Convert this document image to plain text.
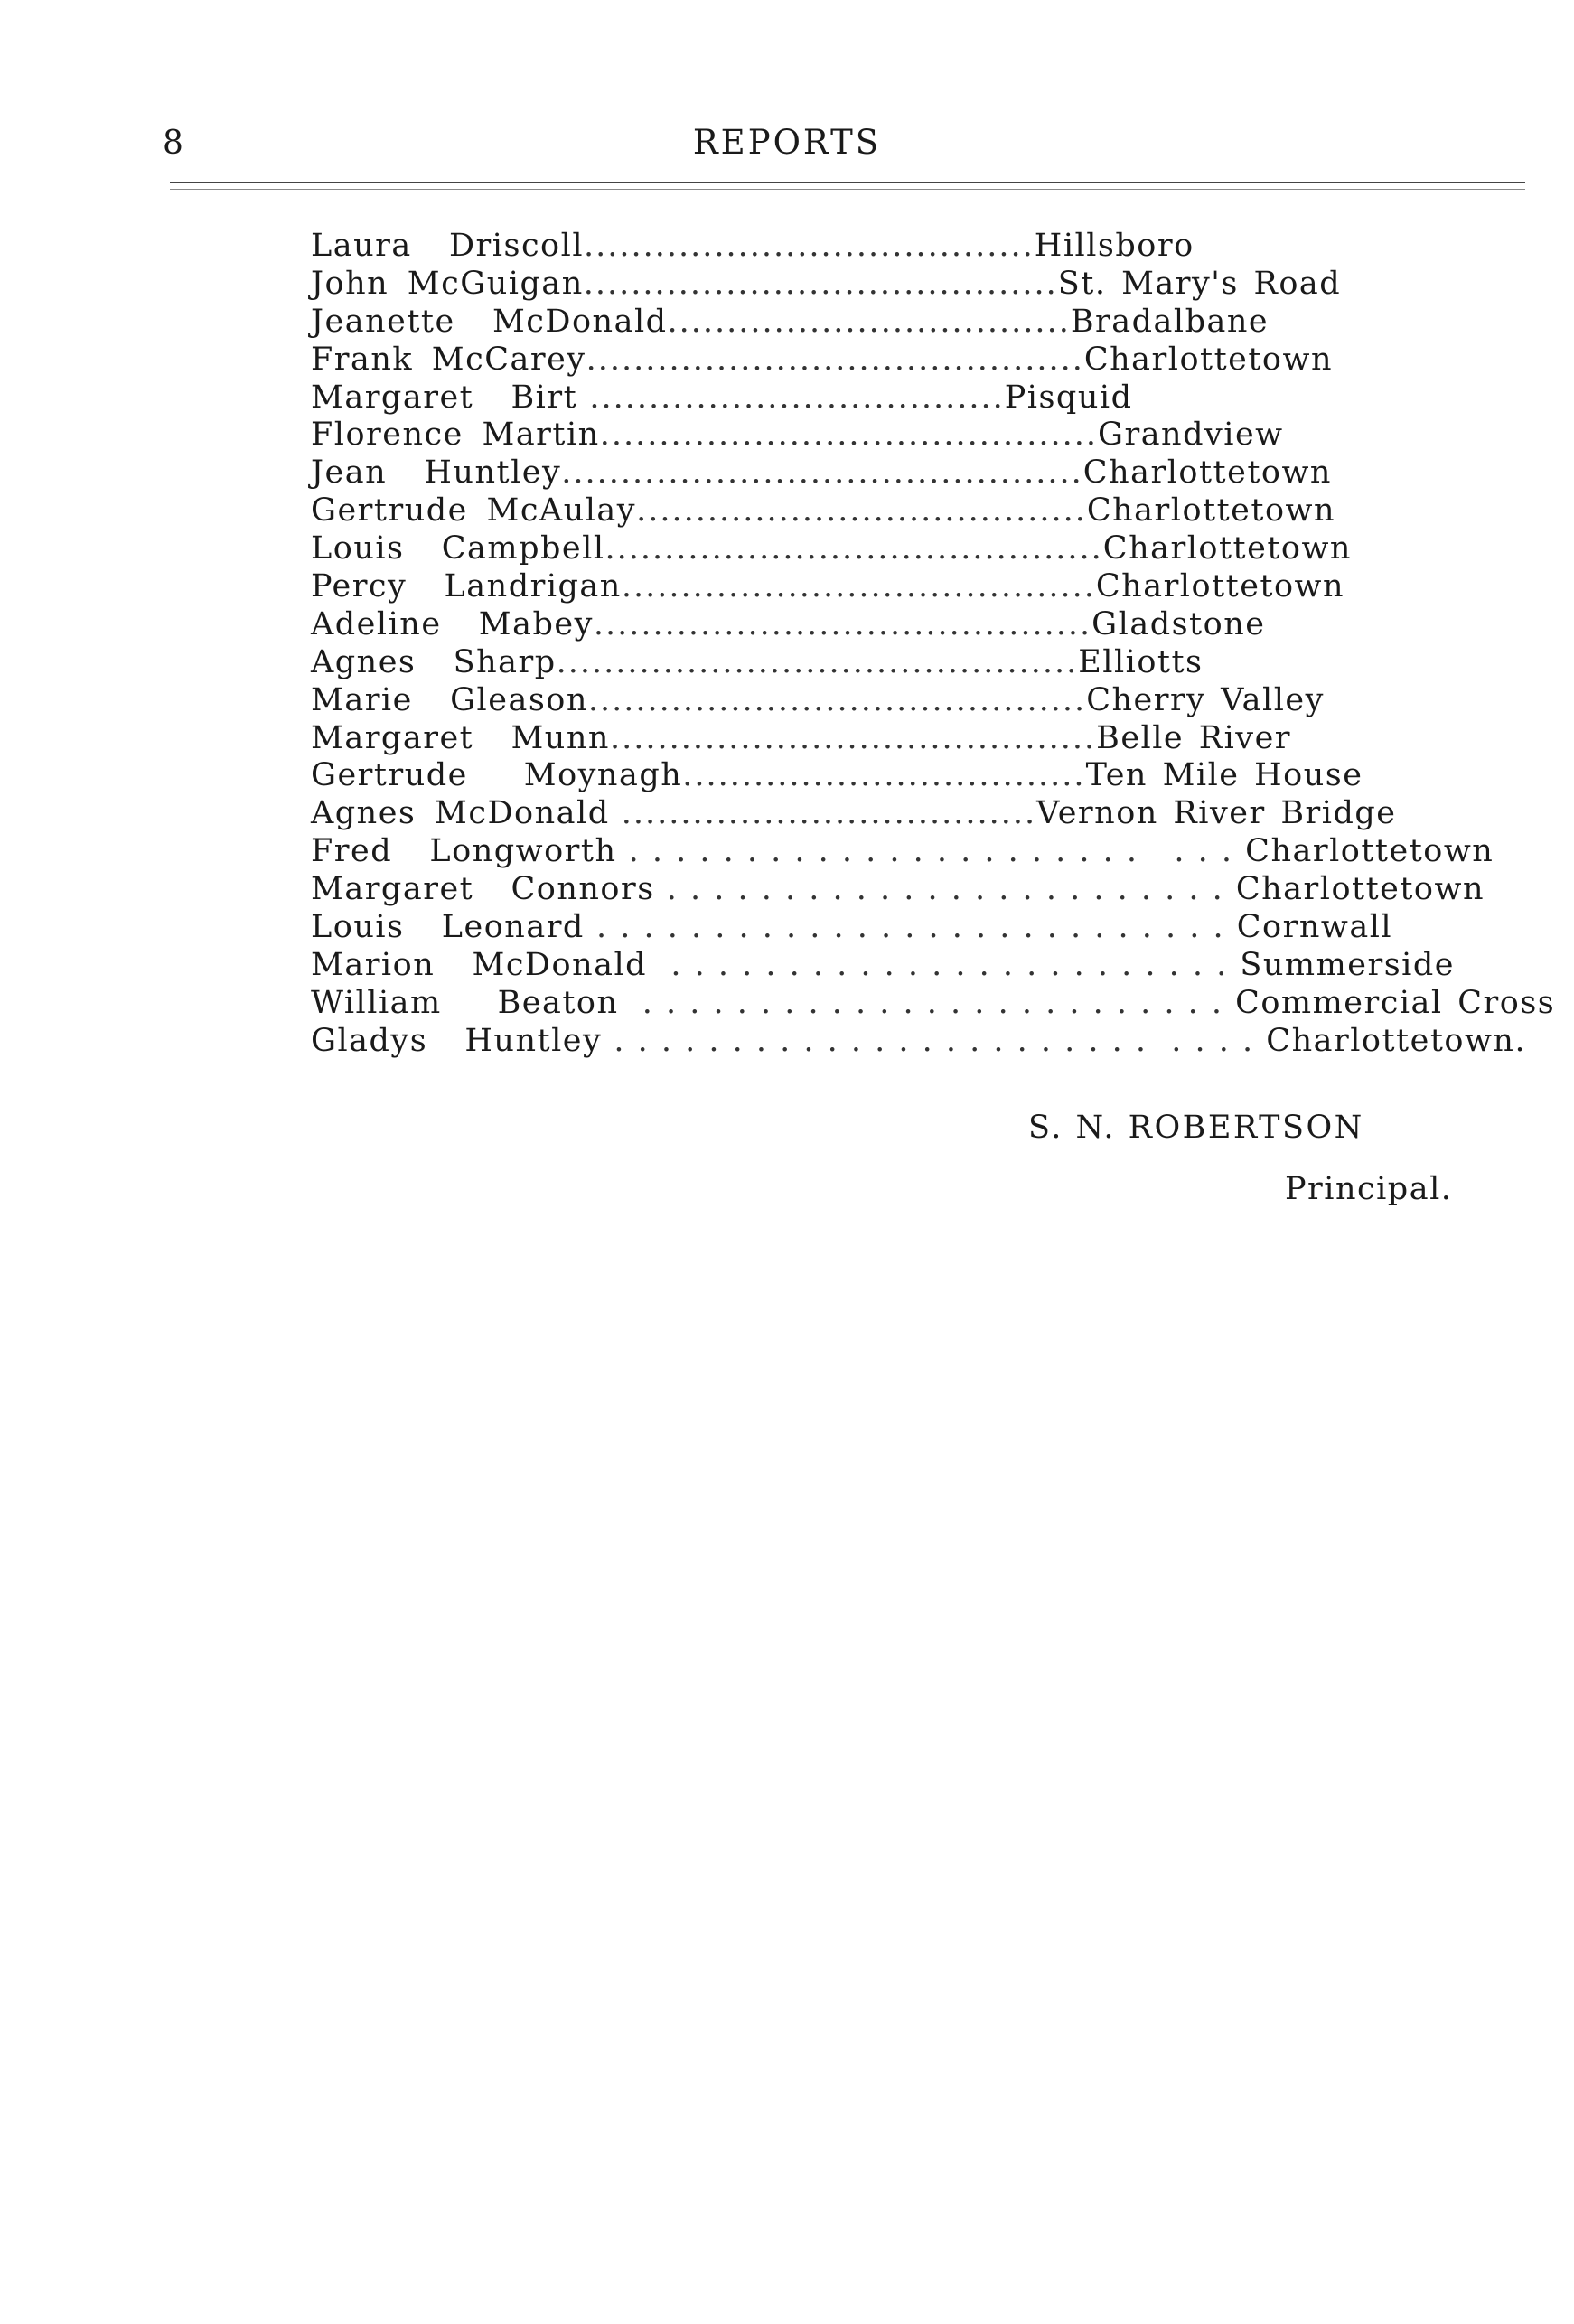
8	REPORTS
Laura  Driscoll ...................................... Hillsboro
John McGuigan ........................................ St. Mary's Road
Jeanette  McDonald .................................. Bradalbane
Frank McCarey .......................................... Charlottetown
Margaret  Birt ................................... Pisquid
Florence Martin .......................................... Grandview
Jean  Huntley ............................................ Charlottetown
Gertrude McAulay ...................................... Charlottetown
Louis  Campbell .......................................... Charlottetown
Percy  Landrigan ........................................ Charlottetown
Adeline  Mabey .......................................... Gladstone
Agnes  Sharp ............................................ Elliotts
Marie  Gleason .......................................... Cherry Valley
Margaret  Munn ......................................... Belle River
Gertrude   Moynagh .................................. Ten Mile House
Agnes McDonald ................................... Vernon River Bridge
Fred  Longworth . . . . . . . . . . . . . . . . . . . . . .   . . . Charlottetown
Margaret  Connors . . . . . . . . . . . . . . . . . . . . . . . . Charlottetown
Louis  Leonard . . . . . . . . . . . . . . . . . . . . . . . . . . . Cornwall
Marion  McDonald . . . . . . . . . . . . . . . . . . . . . . . . Summerside
William   Beaton . . . . . . . . . . . . . . . . . . . . . . . . . Commercial Cross
Gladys  Huntley . . . . . . . . . . . . . . . . . . . . . . .  . . . . Charlottetown.
S. N. ROBERTSON
Principal.
